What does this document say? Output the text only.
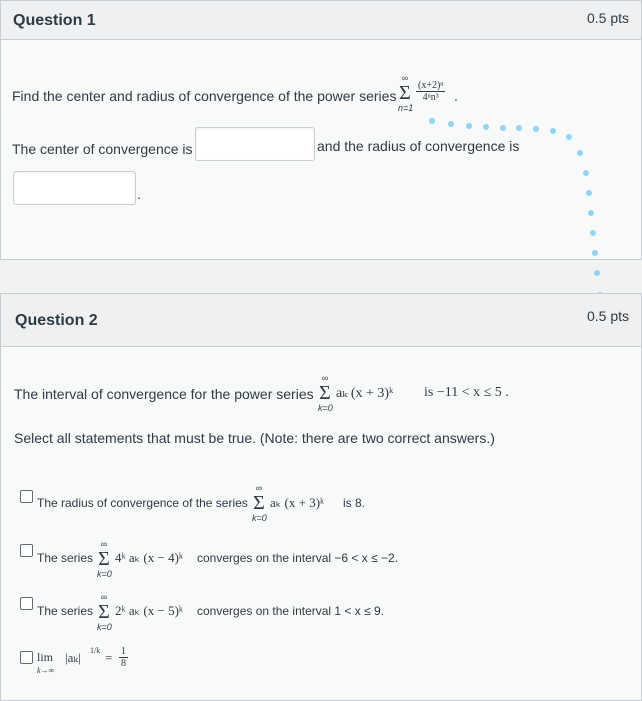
Question 1	0.5 pts
Find the center and radius of convergence of the power series
∞
Σ
n=1
$\frac{\text{(x+2)ⁿ}}{\text{4ⁿn³}}$ .
The center of convergence is	and the radius of convergence is
.
Question 2	0.5 pts
The interval of convergence for the power series
∞
Σ
k=0
aₖ (x + 3)ᵏ is −11 < x ≤ 5 .
Select all statements that must be true. (Note: there are two correct answers.)
The radius of convergence of the series
∞
Σ
k=0
aₖ (x + 3)ᵏ is 8.
The series
∞
Σ
k=0
4ᵏ aₖ (x − 4)ᵏ converges on the interval −6 < x ≤ −2.
The series
∞
Σ
k=0
2ᵏ aₖ (x − 5)ᵏ converges on the interval 1 < x ≤ 9.
lim
k→∞
|aₖ| $1/k = \frac{1}{8}$
